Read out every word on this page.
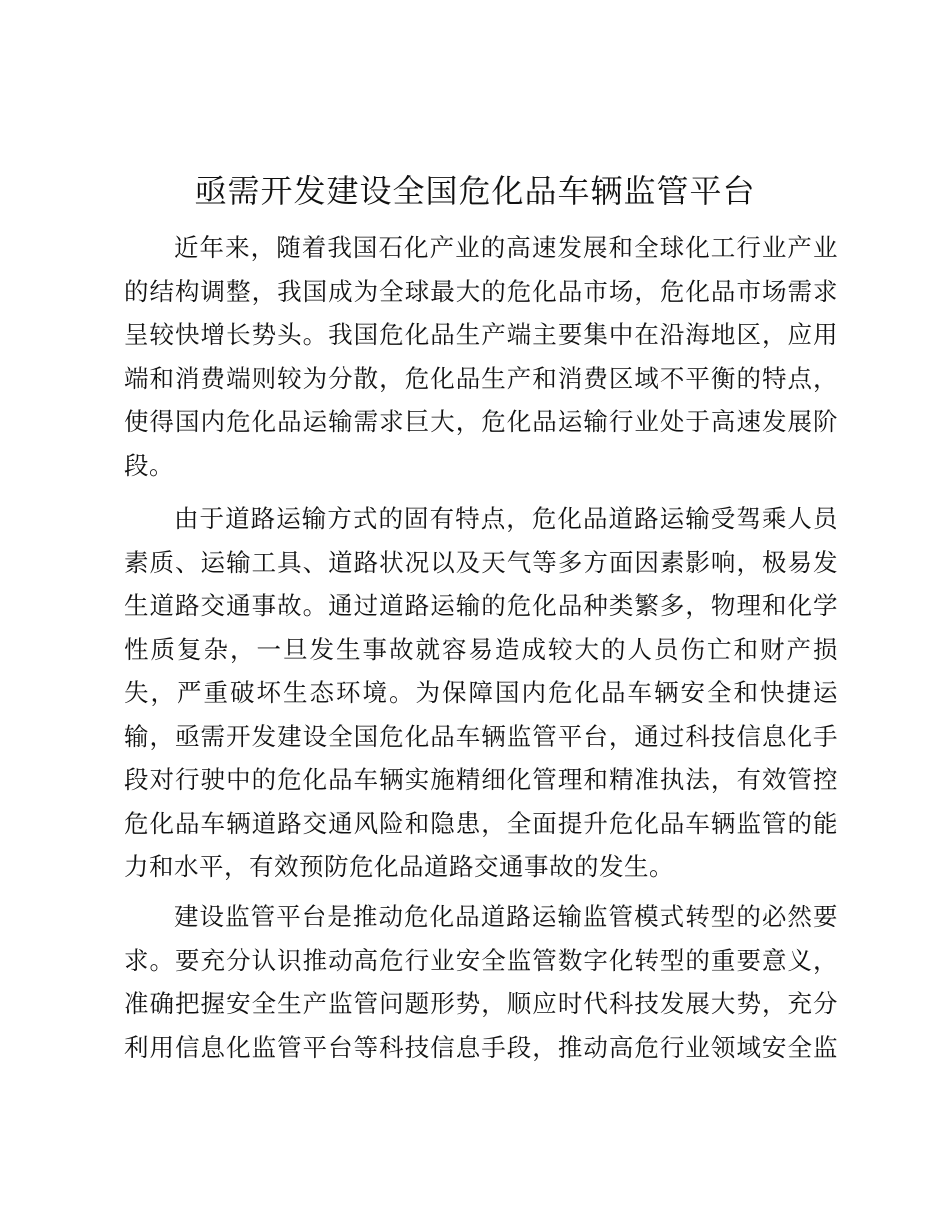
亟需开发建设全国危化品车辆监管平台
近年来，随着我国石化产业的高速发展和全球化工行业产业
的结构调整，我国成为全球最大的危化品市场，危化品市场需求
呈较快增长势头。我国危化品生产端主要集中在沿海地区，应用
端和消费端则较为分散，危化品生产和消费区域不平衡的特点，
使得国内危化品运输需求巨大，危化品运输行业处于高速发展阶
段。
由于道路运输方式的固有特点，危化品道路运输受驾乘人员
素质、运输工具、道路状况以及天气等多方面因素影响，极易发
生道路交通事故。通过道路运输的危化品种类繁多，物理和化学
性质复杂，一旦发生事故就容易造成较大的人员伤亡和财产损
失，严重破坏生态环境。为保障国内危化品车辆安全和快捷运
输，亟需开发建设全国危化品车辆监管平台，通过科技信息化手
段对行驶中的危化品车辆实施精细化管理和精准执法，有效管控
危化品车辆道路交通风险和隐患，全面提升危化品车辆监管的能
力和水平，有效预防危化品道路交通事故的发生。
建设监管平台是推动危化品道路运输监管模式转型的必然要
求。要充分认识推动高危行业安全监管数字化转型的重要意义，
准确把握安全生产监管问题形势，顺应时代科技发展大势，充分
利用信息化监管平台等科技信息手段，推动高危行业领域安全监
